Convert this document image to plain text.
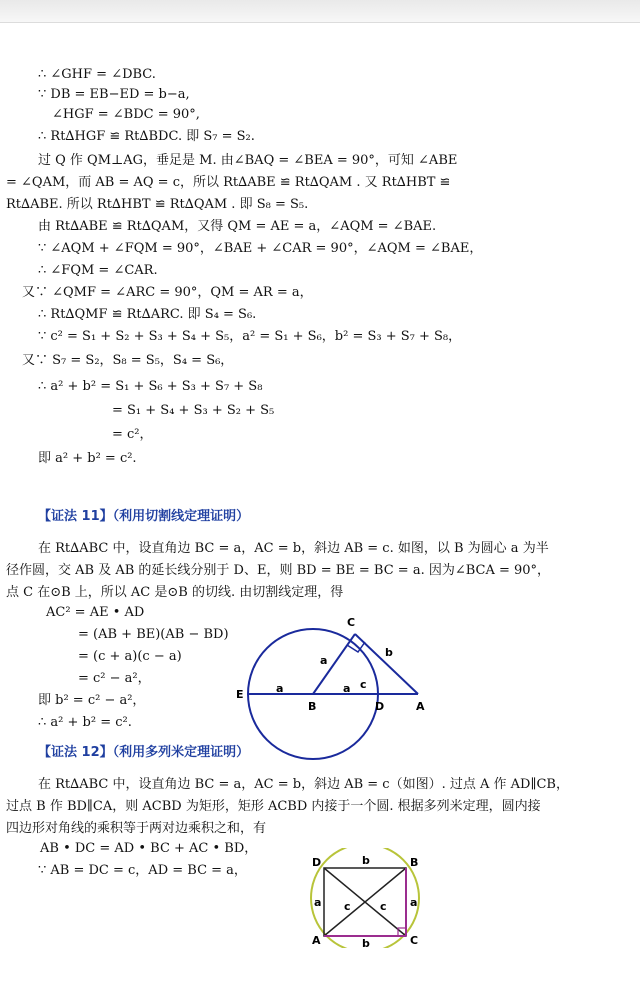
∴ ∠GHF = ∠DBC.
∵ DB = EB−ED = b−a,
∠HGF = ∠BDC = 90°,
∴ Rt∆HGF ≌ Rt∆BDC. 即 S₇ = S₂.
过 Q 作 QM⊥AG，垂足是 M. 由∠BAQ = ∠BEA = 90°，可知 ∠ABE
= ∠QAM，而 AB = AQ = c，所以 Rt∆ABE ≌ Rt∆QAM . 又 Rt∆HBT ≌
Rt∆ABE. 所以 Rt∆HBT ≌ Rt∆QAM . 即 S₈ = S₅.
由 Rt∆ABE ≌ Rt∆QAM，又得 QM = AE = a，∠AQM = ∠BAE.
∵ ∠AQM + ∠FQM = 90°，∠BAE + ∠CAR = 90°，∠AQM = ∠BAE，
∴ ∠FQM = ∠CAR.
又∵ ∠QMF = ∠ARC = 90°，QM = AR = a，
∴ Rt∆QMF ≌ Rt∆ARC. 即 S₄ = S₆.
∵ c² = S₁ + S₂ + S₃ + S₄ + S₅，a² = S₁ + S₆，b² = S₃ + S₇ + S₈，
又∵ S₇ = S₂，S₈ = S₅，S₄ = S₆，
∴ a² + b² = S₁ + S₆ + S₃ + S₇ + S₈
= S₁ + S₄ + S₃ + S₂ + S₅
= c²，
即 a² + b² = c².
在 Rt∆ABC 中，设直角边 BC = a，AC = b，斜边 AB = c. 如图，以 B 为圆心 a 为半
径作圆，交 AB 及 AB 的延长线分别于 D、E，则 BD = BE = BC = a. 因为∠BCA = 90°，
点 C 在⊙B 上，所以 AC 是⊙B 的切线. 由切割线定理，得
AC² = AE • AD
= (AB + BE)(AB − BD)
= (c + a)(c − a)
= c² − a²，
即 b² = c² − a²，
∴ a² + b² = c².
在 Rt∆ABC 中，设直角边 BC = a，AC = b，斜边 AB = c（如图）. 过点 A 作 AD∥CB，
过点 B 作 BD∥CA，则 ACBD 为矩形，矩形 ACBD 内接于一个圆. 根据多列米定理，圆内接
四边形对角线的乘积等于两对边乘积之和，有
AB • DC = AD • BC + AC • BD，
∵ AB = DC = c，AD = BC = a，
【证法 11】（利用切割线定理证明）
【证法 12】（利用多列米定理证明）
C
E
B	D	A
a
a	a c
b
D	B
A	C
b
b
a	a
c	c
